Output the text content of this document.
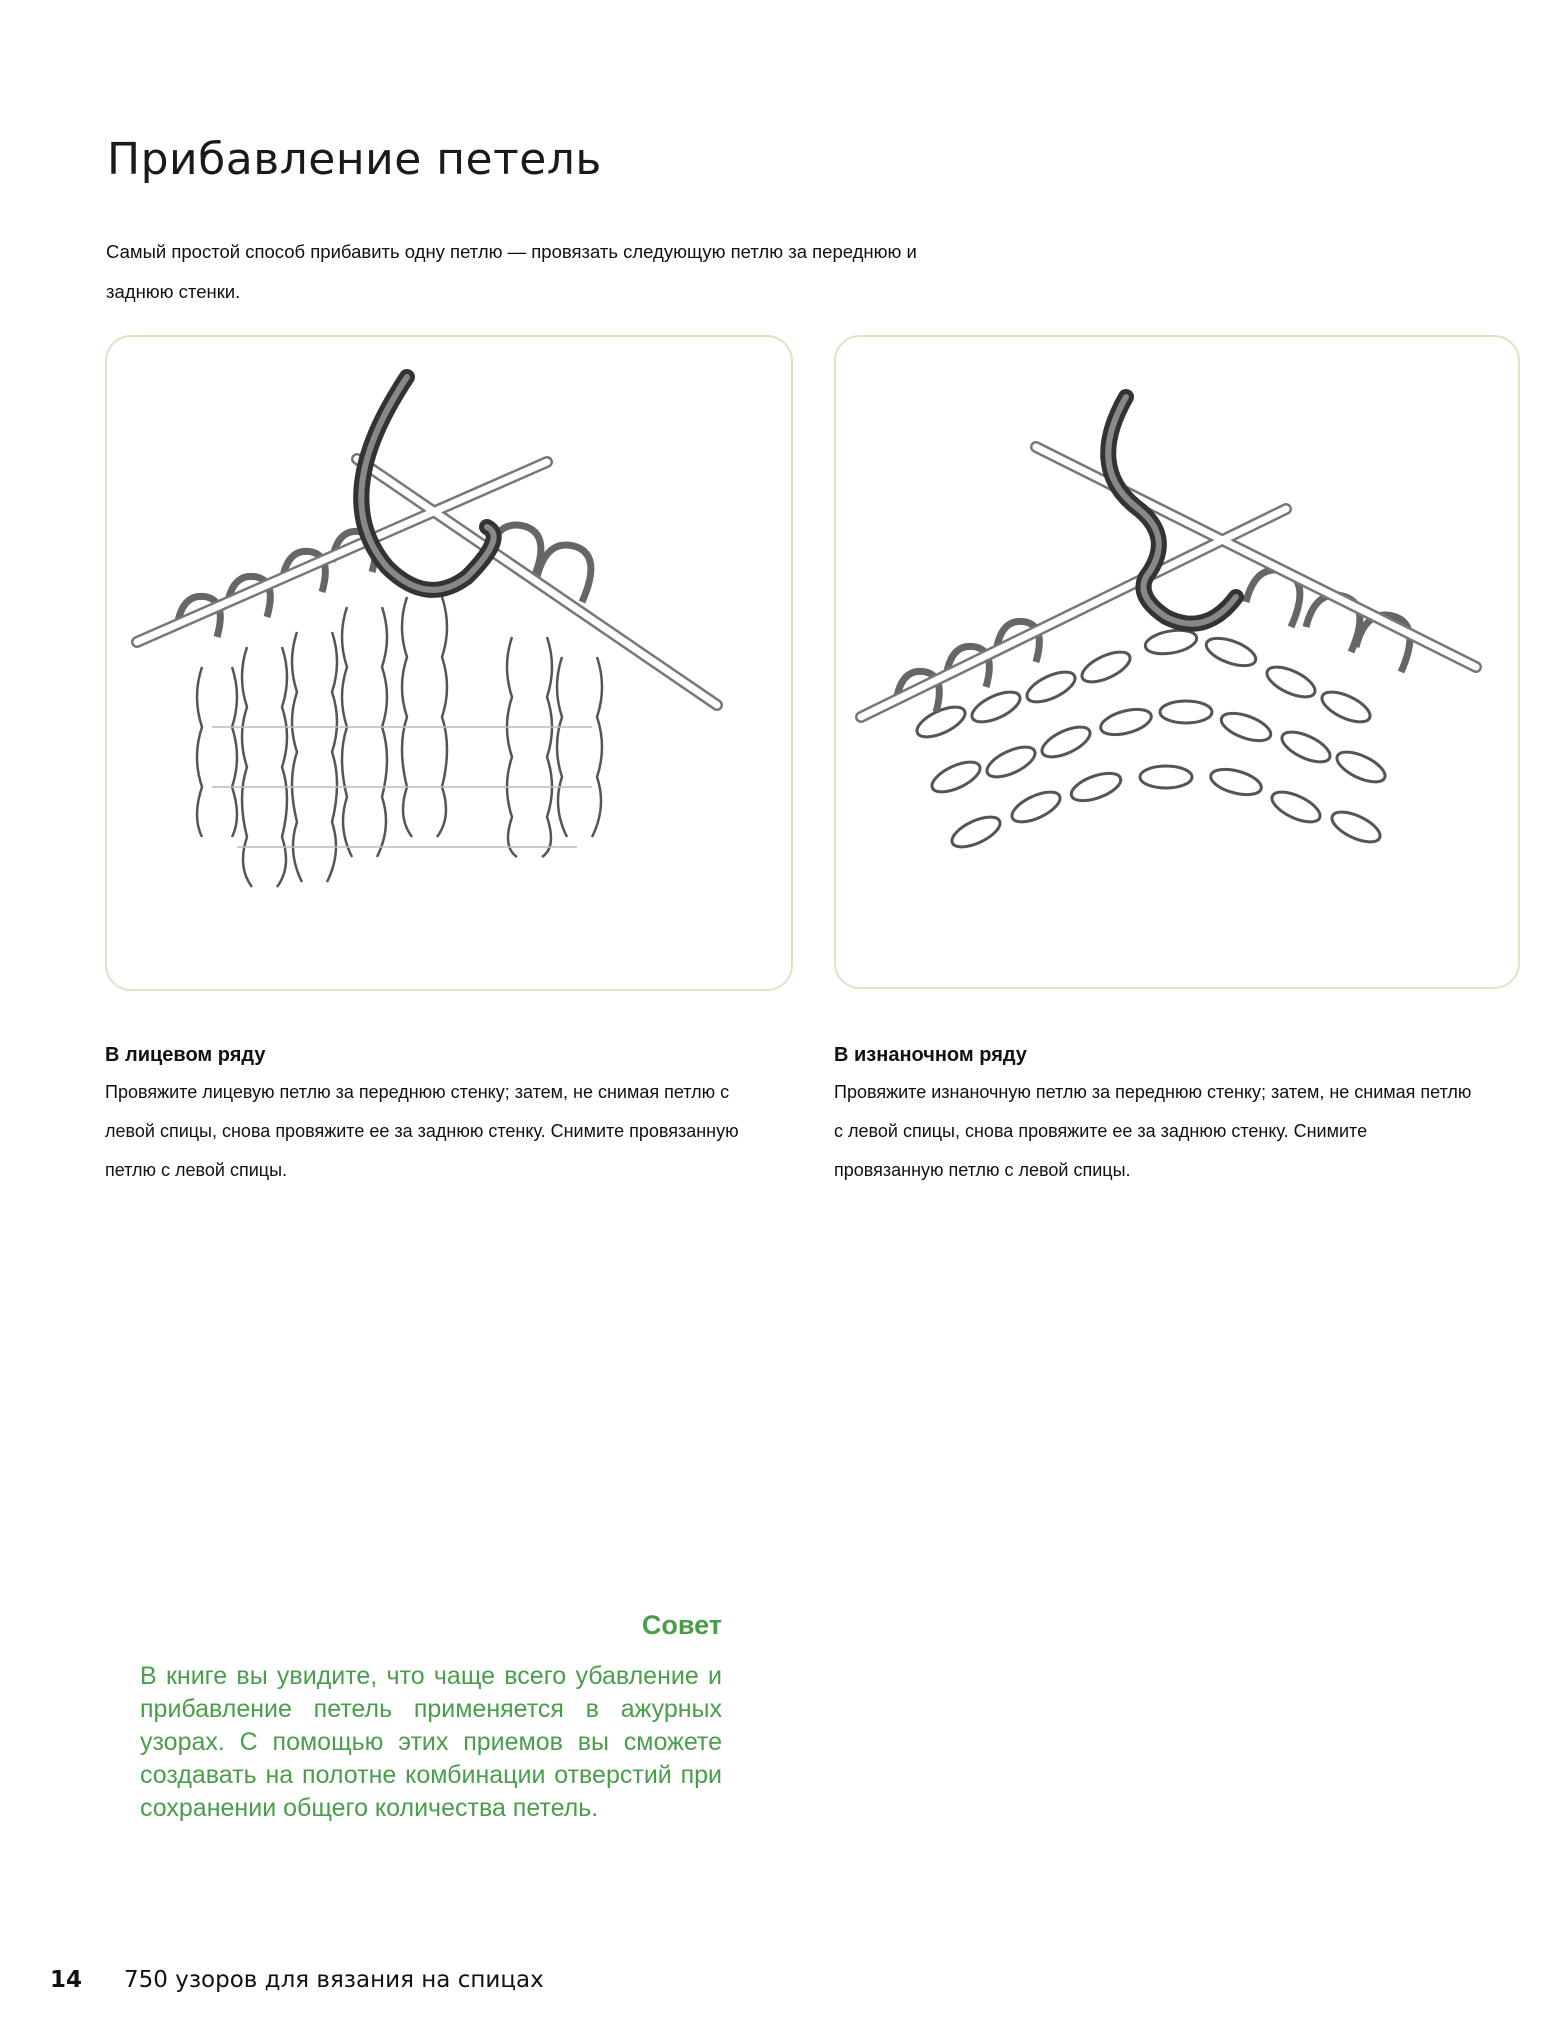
Прибавление петель
Самый простой способ прибавить одну петлю — провязать следующую петлю за переднюю и заднюю стенки.
В лицевом ряду

Провяжите лицевую петлю за переднюю стенку; затем, не снимая петлю с левой спицы, снова провяжите ее за заднюю стенку. Снимите провязанную петлю с левой спицы.

В изнаночном ряду

Провяжите изнаночную петлю за переднюю стенку; затем, не снимая петлю с левой спицы, снова провяжите ее за заднюю стенку. Снимите провязанную петлю с левой спицы.

Совет
В книге вы увидите, что чаще всего убавление и прибавление петель применяется в ажурных узорах. С помощью этих приемов вы сможете создавать на полотне комбинации отверстий при сохранении общего количества петель.
14 750 узоров для вязания на спицах
